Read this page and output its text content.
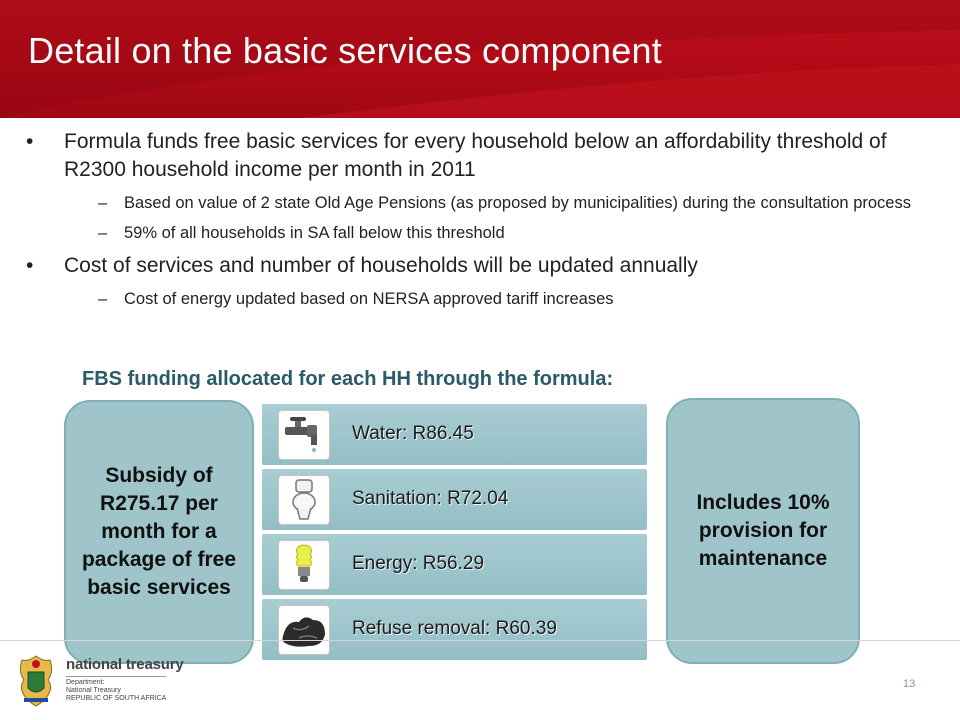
Detail on the basic services component
•	Formula funds free basic services for every household below an affordability threshold of R2300 household income per month in 2011
–	Based on value of 2 state Old Age Pensions (as proposed by municipalities) during the consultation process
–	59% of all households in SA fall below this threshold
•	Cost of services and number of households will be updated annually
–	Cost of energy updated based on NERSA approved tariff increases
FBS funding allocated for each HH through the formula:
Subsidy of R275.17 per month for a package of free basic services
Water: R86.45
Sanitation: R72.04
Energy: R56.29
Refuse removal: R60.39
Includes 10% provision for maintenance
national treasury
Department:
National Treasury
REPUBLIC OF SOUTH AFRICA
13
